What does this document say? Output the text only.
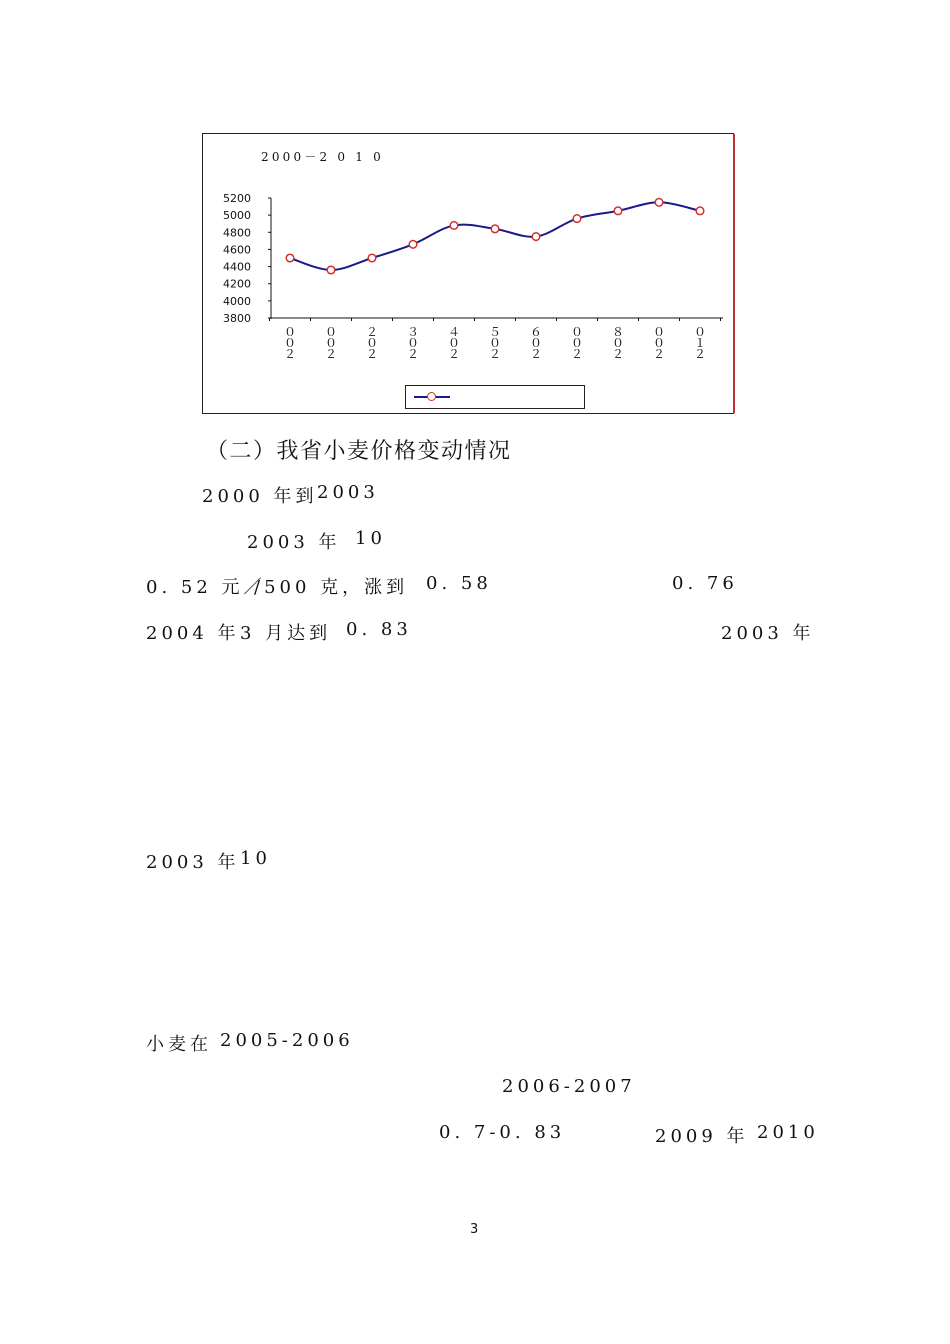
2000－2 0 1 0
5200
5000
4800
4600
4400
4200
4000
3800
０
０
２
０
０
２
２
０
２
３
０
２
４
０
２
５
０
２
６
０
２
０
０
２
８
０
２
０
０
２
０
１
２
（二）我省小麦价格变动情况
2000 年到 2003
2003 年 10
0. 52 元／
/500 克，涨到 0. 58	0. 76
2004 年 3 月达到 0. 83	2003 年
2003 年 10
小麦在 2005-2006
2006-2007
0. 7-0. 83	2009 年 2010
3
